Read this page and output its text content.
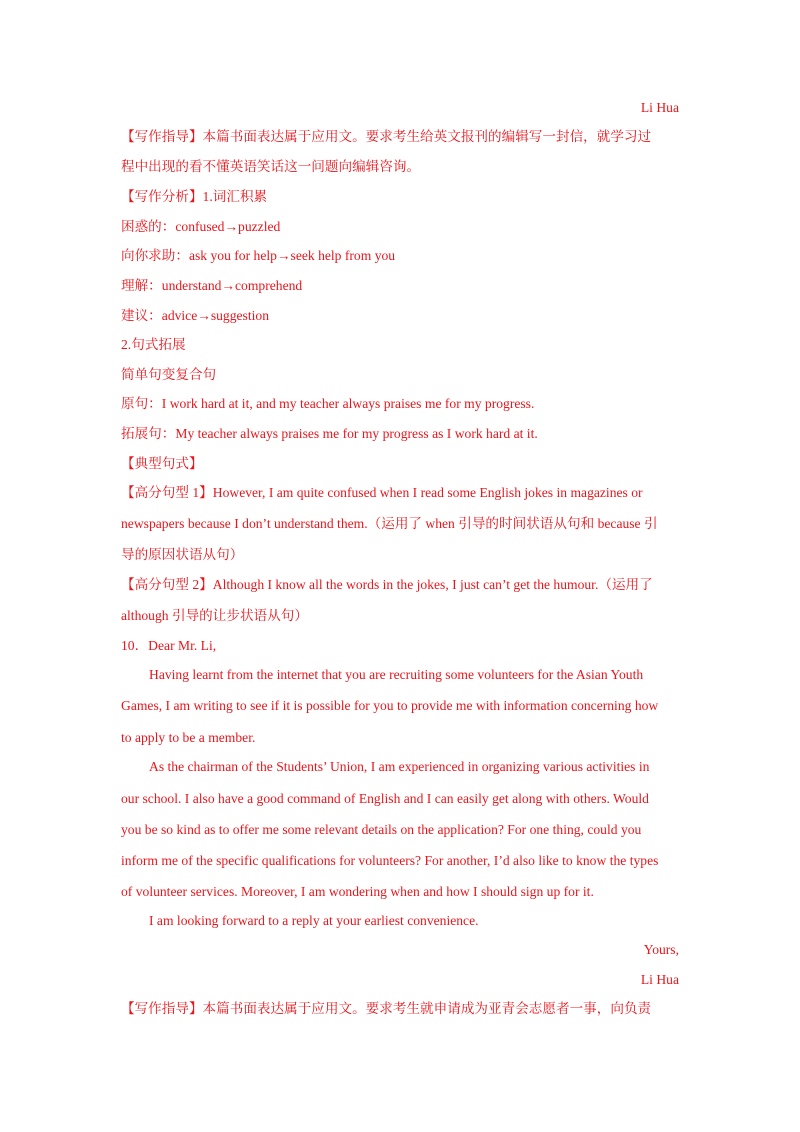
Li Hua
【写作指导】本篇书面表达属于应用文。要求考生给英文报刊的编辑写一封信，就学习过
程中出现的看不懂英语笑话这一问题向编辑咨询。
【写作分析】1.词汇积累
困惑的：confused→puzzled
向你求助：ask you for help→seek help from you
理解：understand→comprehend
建议：advice→suggestion
2.句式拓展
简单句变复合句
原句：I work hard at it, and my teacher always praises me for my progress.
拓展句：My teacher always praises me for my progress as I work hard at it.
【典型句式】
【高分句型 1】However, I am quite confused when I read some English jokes in magazines or
newspapers because I don’t understand them.（运用了 when 引导的时间状语从句和 because 引
导的原因状语从句）
【高分句型 2】Although I know all the words in the jokes, I just can’t get the humour.（运用了
although 引导的让步状语从句）
10．Dear Mr. Li,
Having learnt from the internet that you are recruiting some volunteers for the Asian Youth
Games, I am writing to see if it is possible for you to provide me with information concerning how
to apply to be a member.
As the chairman of the Students’ Union, I am experienced in organizing various activities in
our school. I also have a good command of English and I can easily get along with others. Would
you be so kind as to offer me some relevant details on the application? For one thing, could you
inform me of the specific qualifications for volunteers? For another, I’d also like to know the types
of volunteer services. Moreover, I am wondering when and how I should sign up for it.
I am looking forward to a reply at your earliest convenience.
Yours,
Li Hua
【写作指导】本篇书面表达属于应用文。要求考生就申请成为亚青会志愿者一事，向负责
